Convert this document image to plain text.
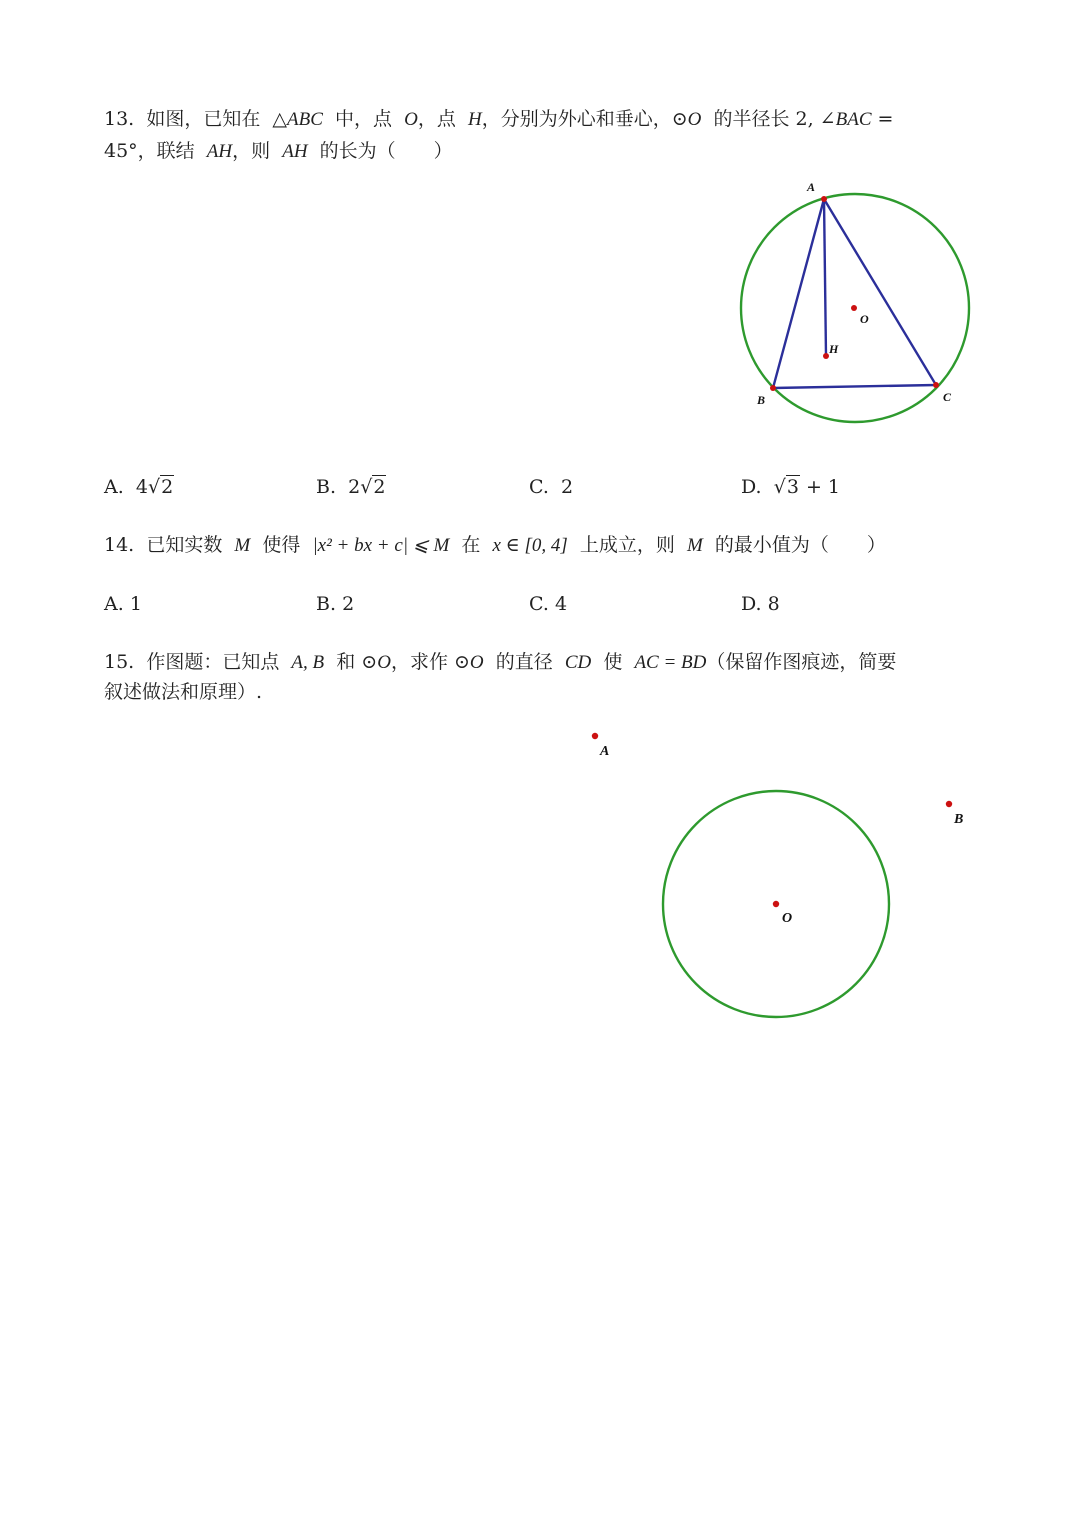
13. 如图，已知在 △ABC 中，点 O，点 H，分别为外心和垂心，⊙O 的半径长 2, ∠BAC =
45°，联结 AH，则 AH 的长为（　　）
A
B	C
O
H
A
B
O
A. 4√2	B. 2√2	C. 2	D. √3 + 1
14. 已知实数 M 使得 |x² + bx + c| ⩽ M 在 x ∈ [0, 4] 上成立，则 M 的最小值为（　　）
A. 1	B. 2	C. 4	D. 8
15. 作图题：已知点 A, B 和 ⊙O，求作 ⊙O 的直径 CD 使 AC = BD（保留作图痕迹，简要
叙述做法和原理）.
